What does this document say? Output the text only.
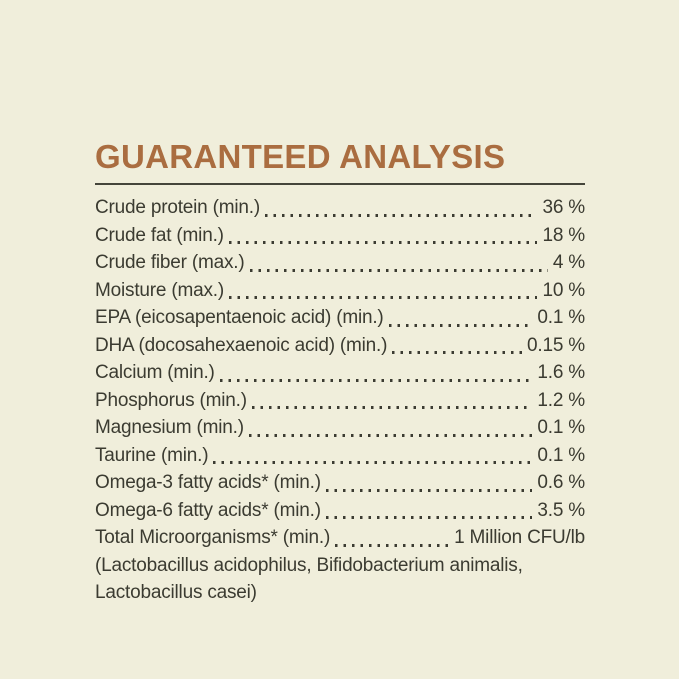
GUARANTEED ANALYSIS
Crude protein (min.)	36 %
Crude fat (min.)	18 %
Crude fiber (max.)	4 %
Moisture (max.)	10 %
EPA (eicosapentaenoic acid) (min.)	0.1 %
DHA (docosahexaenoic acid) (min.)	0.15 %
Calcium (min.)	1.6 %
Phosphorus (min.)	1.2 %
Magnesium (min.)	0.1 %
Taurine (min.)	0.1 %
Omega-3 fatty acids* (min.)	0.6 %
Omega-6 fatty acids* (min.)	3.5 %
Total Microorganisms* (min.)	1 Million CFU/lb
(Lactobacillus acidophilus, Bifidobacterium animalis,
Lactobacillus casei)
